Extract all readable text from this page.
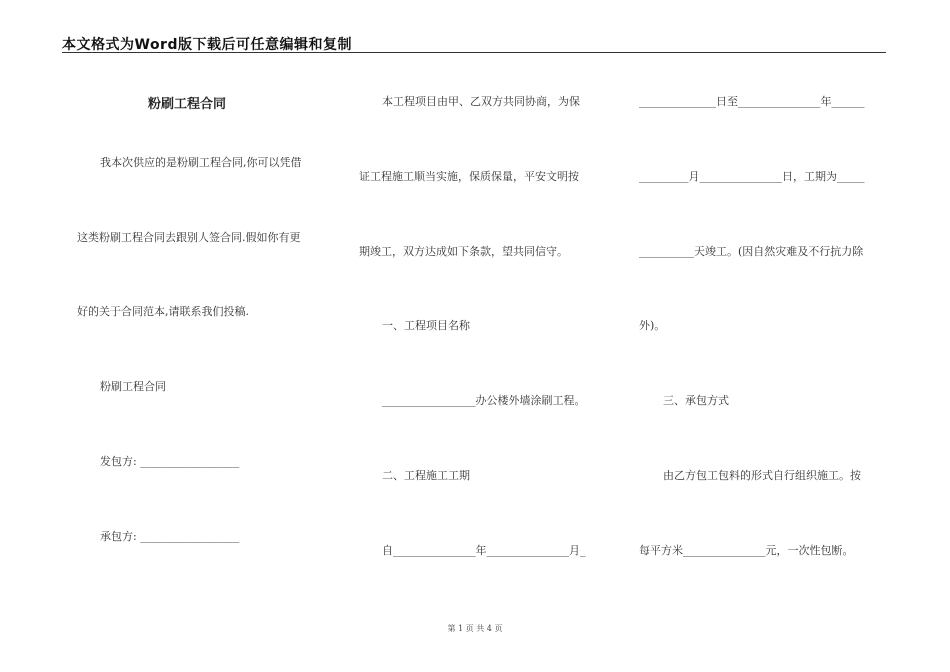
本文格式为Word版下载后可任意编辑和复制
粉刷工程合同
我本次供应的是粉刷工程合同,你可以凭借
这类粉刷工程合同去跟别人签合同.假如你有更
好的关于合同范本,请联系我们投稿.
粉刷工程合同
发包方: __________________
承包方: __________________
本工程项目由甲、乙双方共同协商，为保
证工程施工顺当实施，保质保量，平安文明按
期竣工，双方达成如下条款，望共同信守。
一、工程项目名称
_________________办公楼外墙涂刷工程。
二、工程施工工期
自_______________年_______________月_
______________日至_______________年______
_________月_______________日，工期为_____
__________天竣工。(因自然灾难及不行抗力除
外)。
三、承包方式
由乙方包工包料的形式自行组织施工。按
每平方米_______________元，一次性包断。
第 1 页 共 4 页
